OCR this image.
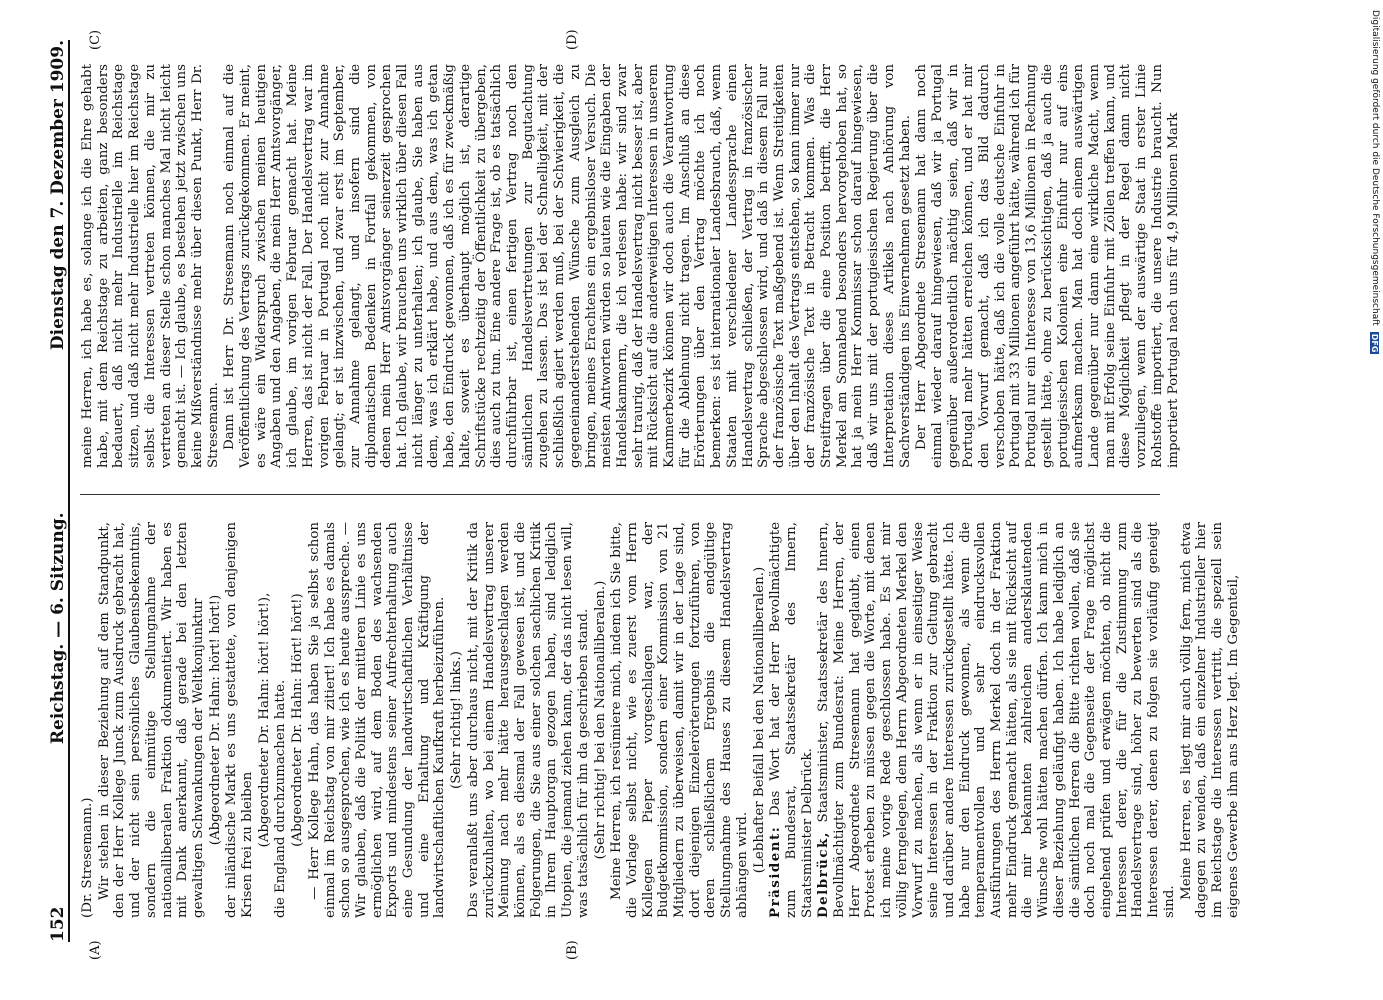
152
Reichstag. — 6. Sitzung.
Dienstag den 7. Dezember 1909.
(A)	(B)
(C)	(D)

(Dr. Stresemann.) Wir stehen in dieser Beziehung auf dem Standpunkt, den der Herr Kollege Junck zum Ausdruck gebracht hat, und der nicht sein persönliches Glaubensbekenntnis, sondern die einmütige Stellungnahme der nationalliberalen Fraktion dokumentiert. Wir haben es mit Dank anerkannt, daß gerade bei den letzten gewaltigen Schwankungen der Weltkonjunktur (Abgeordneter Dr. Hahn: hört! hört!) der inländische Markt es uns gestattete, von denjenigen Krisen frei zu bleiben (Abgeordneter Dr. Hahn: hört! hört!), die England durchzumachen hatte. (Abgeordneter Dr. Hahn: Hört! hört!) — Herr Kollege Hahn, das haben Sie ja selbst schon einmal im Reichstag von mir zitiert! Ich habe es damals schon so ausgesprochen, wie ich es heute ausspreche. — Wir glauben, daß die Politik der mittleren Linie es uns ermöglichen wird, auf dem Boden des wachsenden Exports und mindestens seiner Aufrechterhaltung auch eine Gesundung der landwirtschaftlichen Verhältnisse und eine Erhaltung und Kräftigung der landwirtschaftlichen Kaufkraft herbeizuführen. (Sehr richtig! links.) Das veranlaßt uns aber durchaus nicht, mit der Kritik da zurückzuhalten, wo bei einem Handelsvertrag unserer Meinung nach mehr hätte herausgeschlagen werden können, als es diesmal der Fall gewesen ist, und die Folgerungen, die Sie aus einer solchen sachlichen Kritik in Ihrem Hauptorgan gezogen haben, sind lediglich Utopien, die jemand ziehen kann, der das nicht lesen will, was tatsächlich für ihn da geschrieben stand. (Sehr richtig! bei den Nationalliberalen.) Meine Herren, ich resümiere mich, indem ich Sie bitte, die Vorlage selbst nicht, wie es zuerst vom Herrn Kollegen Pieper vorgeschlagen war, der Budgetkommission, sondern einer Kommission von 21 Mitgliedern zu überweisen, damit wir in der Lage sind, dort diejenigen Einzelerörterungen fortzuführen, von deren schließlichem Ergebnis die endgültige Stellungnahme des Hauses zu diesem Handelsvertrag abhängen wird. (Lebhafter Beifall bei den Nationalliberalen.) Präsident: Das Wort hat der Herr Bevollmächtigte zum Bundesrat, Staatssekretär des Innern, Staatsminister Delbrück. Delbrück, Staatsminister, Staatssekretär des Innern, Bevollmächtigter zum Bundesrat: Meine Herren, der Herr Abgeordnete Stresemann hat geglaubt, einen Protest erheben zu müssen gegen die Worte, mit denen ich meine vorige Rede geschlossen habe. Es hat mir völlig ferngelegen, dem Herrn Abgeordneten Merkel den Vorwurf zu machen, als wenn er in einseitiger Weise seine Interessen in der Fraktion zur Geltung gebracht und darüber andere Interessen zurückgestellt hätte. Ich habe nur den Eindruck gewonnen, als wenn die temperamentvollen und sehr eindrucksvollen Ausführungen des Herrn Merkel doch in der Fraktion mehr Eindruck gemacht hätten, als sie mit Rücksicht auf die mir bekannten zahlreichen andersklautenden Wünsche wohl hätten machen dürfen. Ich kann mich in dieser Beziehung geläufigt haben. Ich habe lediglich an die sämtlichen Herren die Bitte richten wollen, daß sie doch noch mal die Gegenseite der Frage möglichst eingehend prüfen und erwägen möchten, ob nicht die Interessen derer, die für die Zustimmung zum Handelsvertrage sind, höher zu bewerten sind als die Interessen derer, denen zu folgen sie vorläufig geneigt sind.

Meine Herren, es liegt mir auch völlig fern, mich etwa dagegen zu wenden, daß ein einzelner Industrieller hier im Reichstage die Interessen vertritt, die speziell sein eigenes Gewerbe ihm ans Herz legt. Im Gegenteil,

meine Herren, ich habe es, solange ich die Ehre gehabt habe, mit dem Reichstage zu arbeiten, ganz besonders bedauert, daß nicht mehr Industrielle im Reichstage sitzen, und daß nicht mehr Industrielle hier im Reichstage selbst die Interessen vertreten können, die mir zu vertreten an dieser Stelle schon manches Mal nicht leicht gemacht ist. — Ich glaube, es bestehen jetzt zwischen uns keine Mißverständnisse mehr über diesen Punkt, Herr Dr. Stresemann. Dann ist Herr Dr. Stresemann noch einmal auf die Veröffentlichung des Vertrags zurückgekommen. Er meint, es wäre ein Widerspruch zwischen meinen heutigen Angaben und den Angaben, die mein Herr Amtsvorgänger, ich glaube, im vorigen Februar gemacht hat. Meine Herren, das ist nicht der Fall. Der Handelsvertrag war im vorigen Februar in Portugal noch nicht zur Annahme gelangt; er ist inzwischen, und zwar erst im September, zur Annahme gelangt, und insofern sind die diplomatischen Bedenken in Fortfall gekommen, von denen mein Herr Amtsvorgänger seinerzeit gesprochen hat. Ich glaube, wir brauchen uns wirklich über diesen Fall nicht länger zu unterhalten; ich glaube, Sie haben aus dem, was ich erklärt habe, und aus dem, was ich getan habe, den Eindruck gewonnen, daß ich es für zweckmäßig halte, soweit es überhaupt möglich ist, derartige Schriftstücke rechtzeitig der Öffentlichkeit zu übergeben, dies auch zu tun. Eine andere Frage ist, ob es tatsächlich durchführbar ist, einen fertigen Vertrag noch den sämtlichen Handelsvertretungen zur Begutachtung zugehen zu lassen. Das ist bei der Schnelligkeit, mit der schließlich agiert werden muß, bei der Schwierigkeit, die gegeneinanderstehenden Wünsche zum Ausgleich zu bringen, meines Erachtens ein ergebnisloser Versuch. Die meisten Antworten würden so lauten wie die Eingaben der Handelskammern, die ich verlesen habe: wir sind zwar sehr traurig, daß der Handelsvertrag nicht besser ist, aber mit Rücksicht auf die anderweitigen Interessen in unserem Kammerbezirk können wir doch auch die Verantwortung für die Ablehnung nicht tragen. Im Anschluß an diese Erörterungen über den Vertrag möchte ich noch bemerken: es ist internationaler Landesbrauch, daß, wenn Staaten mit verschiedener Landessprache einen Handelsvertrag schließen, der Vertrag in französischer Sprache abgeschlossen wird, und daß in diesem Fall nur der französische Text maßgebend ist. Wenn Streitigkeiten über den Inhalt des Vertrags entstehen, so kann immer nur der französische Text in Betracht kommen. Was die Streitfragen über die eine Position betrifft, die Herr Merkel am Sonnabend besonders hervorgehoben hat, so hat ja mein Herr Kommissar schon darauf hingewiesen, daß wir uns mit der portugiesischen Regierung über die Interpretation dieses Artikels nach Anhörung von Sachverständigen ins Einvernehmen gesetzt haben. Der Herr Abgeordnete Stresemann hat dann noch einmal wieder darauf hingewiesen, daß wir ja Portugal gegenüber außerordentlich mächtig seien, daß wir in Portugal mehr hätten erreichen können, und er hat mir den Vorwurf gemacht, daß ich das Bild dadurch verschoben hätte, daß ich die volle deutsche Einfuhr in Portugal mit 33 Millionen angeführt hätte, während ich für Portugal nur ein Interesse von 13,6 Millionen in Rechnung gestellt hätte, ohne zu berücksichtigen, daß ja auch die portugiesischen Kolonien eine Einfuhr nur auf eins aufmerksam machen. Man hat doch einem auswärtigen Lande gegenüber nur dann eine wirkliche Macht, wenn man mit Erfolg seine Einfuhr mit Zöllen treffen kann, und diese Möglichkeit pflegt in der Regel dann nicht vorzuliegen, wenn der auswärtige Staat in erster Linie Rohstoffe importiert, die unsere Industrie braucht. Nun importiert Portugal nach uns für 4,9 Millionen Mark	Digitalisierung gefördert durch die Deutsche Forschungsgemeinschaft
DFG
